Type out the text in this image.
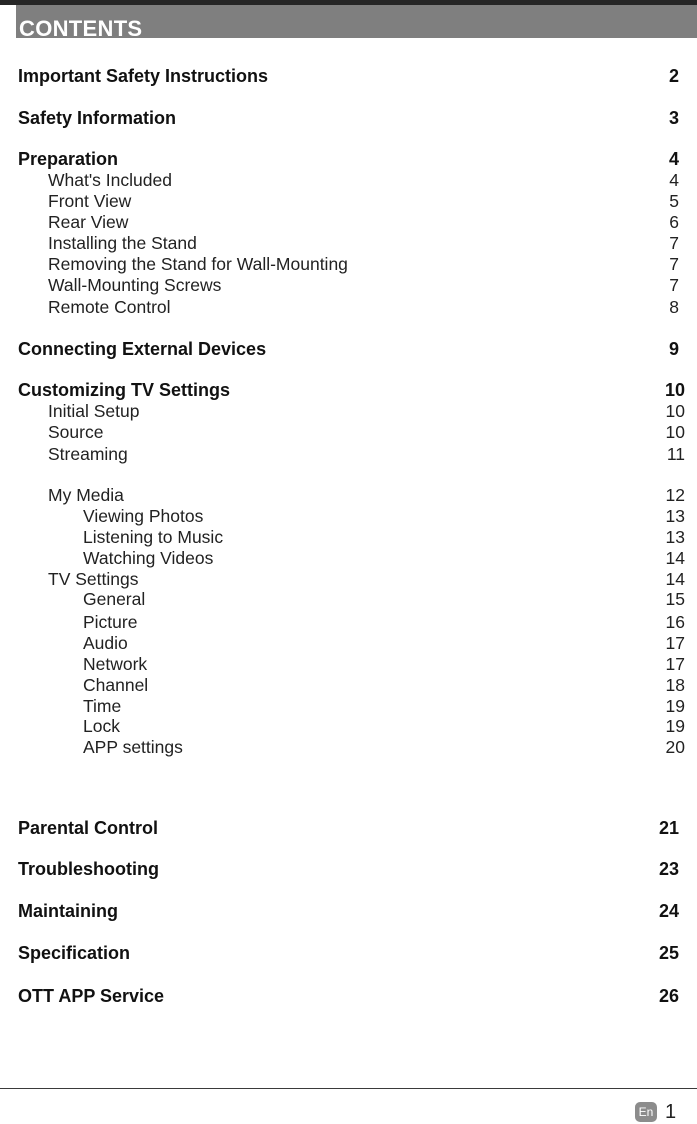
CONTENTS
Important Safety Instructions	2
Safety Information	3
Preparation	4
What's Included	4
Front View	5
Rear View	6
Installing the Stand	7
Removing the Stand for Wall-Mounting	7
Wall-Mounting Screws	7
Remote Control	8
Connecting External Devices	9
Customizing TV Settings	10
Initial Setup	10
Source	10
Streaming	11
My Media	12
Viewing Photos	13
Listening to Music	13
Watching Videos	14
TV Settings	14
General	15
Picture	16
Audio	17
Network	17
Channel	18
Time	19
Lock	19
APP settings	20
Parental Control	21
Troubleshooting	23
Maintaining	24
Specification	25
OTT APP Service	26
En 1
